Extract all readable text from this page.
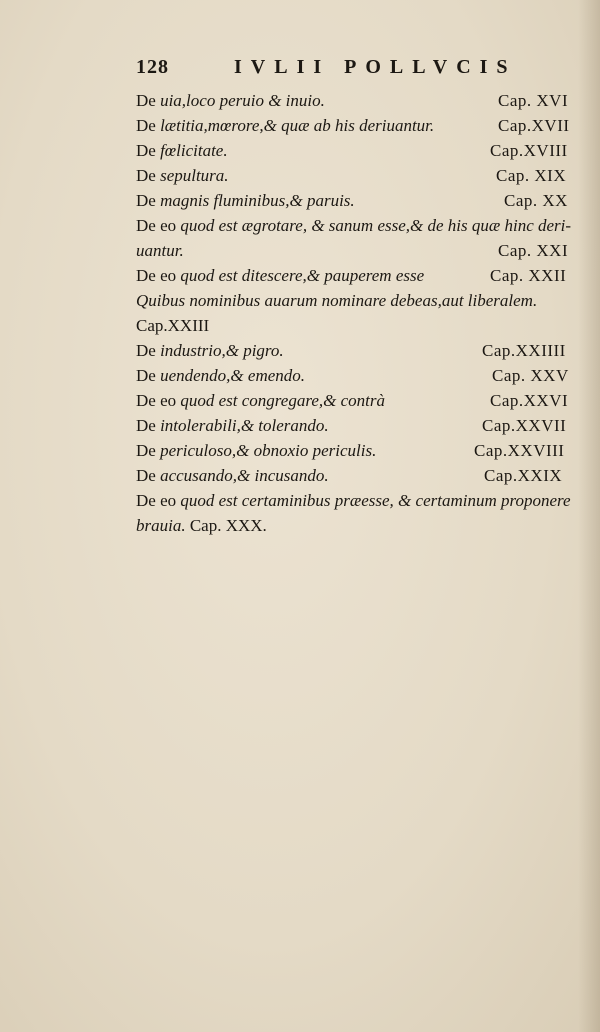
128	IVLII POLLVCIS
De uia,loco peruio & inuio.	Cap. XVI
De lætitia,mœrore,& quæ ab his deriuantur.	Cap.XVII
De fœlicitate.	Cap.XVIII
De sepultura.	Cap. XIX
De magnis fluminibus,& paruis.	Cap. XX
De eo quod est ægrotare, & sanum esse,& de his quæ hinc deri-
uantur.	Cap. XXI
De eo quod est ditescere,& pauperem esse	Cap. XXII
Quibus nominibus auarum nominare debeas,aut liberalem.
Cap.XXIII
De industrio,& pigro.	Cap.XXIIII
De uendendo,& emendo.	Cap. XXV
De eo quod est congregare,& contrà	Cap.XXVI
De intolerabili,& tolerando.	Cap.XXVII
De periculoso,& obnoxio periculis.	Cap.XXVIII
De accusando,& incusando.	Cap.XXIX
De eo quod est certaminibus præesse, & certaminum proponere
brauia. Cap. XXX.
